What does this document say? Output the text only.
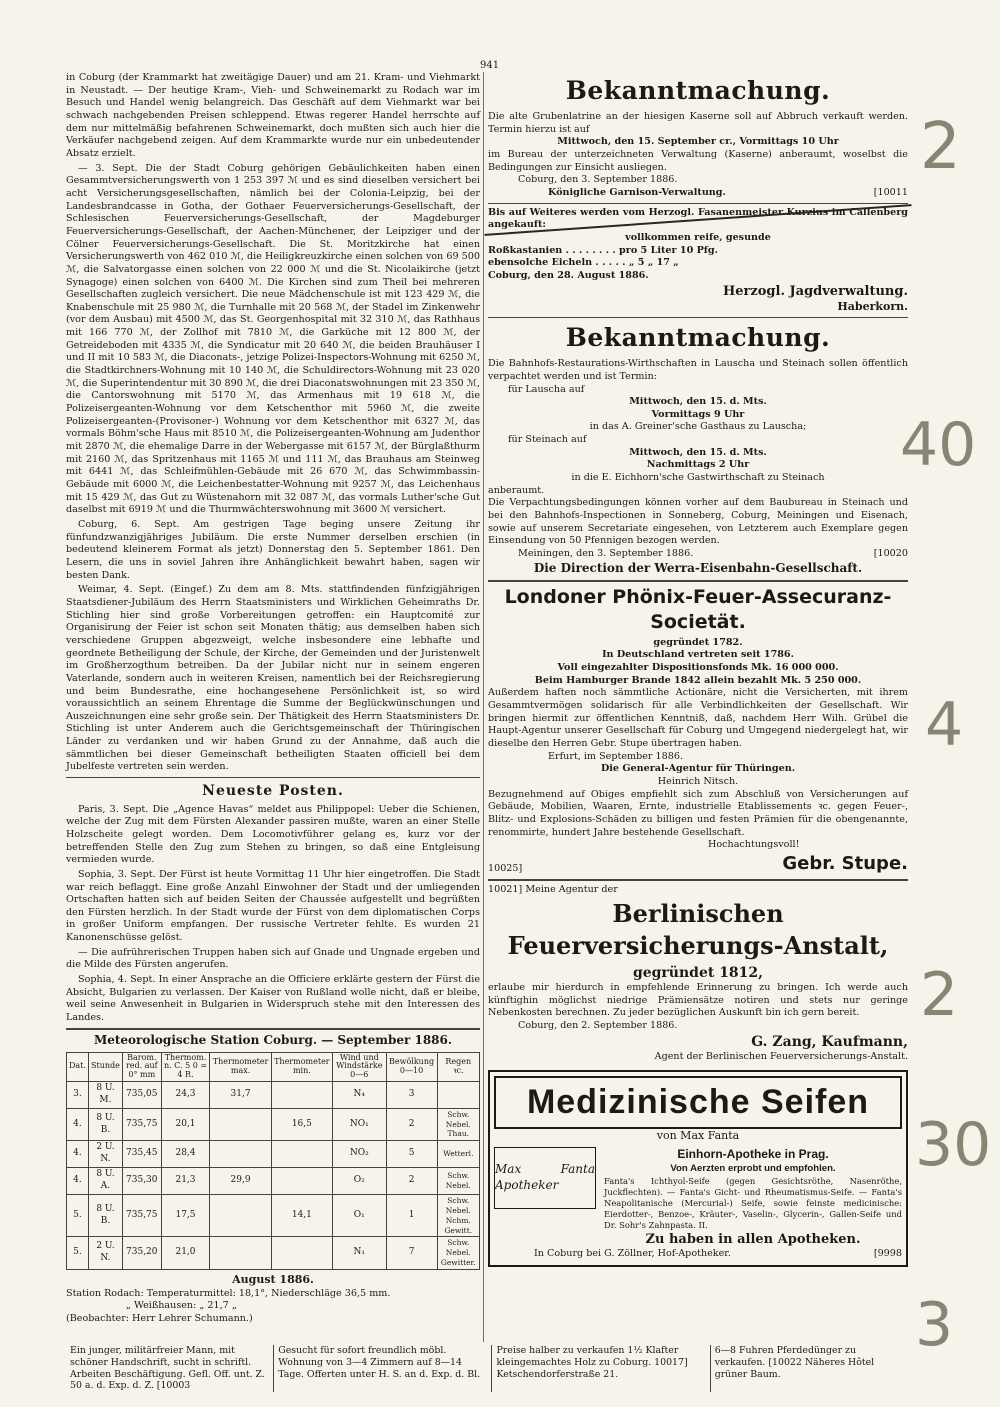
941

in Coburg (der Krammarkt hat zweitägige Dauer) und am 21. Kram- und Viehmarkt in Neustadt. — Der heutige Kram-, Vieh- und Schweinemarkt zu Rodach war im Besuch und Handel wenig belangreich. Das Geschäft auf dem Viehmarkt war bei schwach nachgebenden Preisen schleppend. Etwas regerer Handel herrschte auf dem nur mittelmäßig befahrenen Schweinemarkt, doch mußten sich auch hier die Verkäufer nachgebend zeigen. Auf dem Krammarkte wurde nur ein unbedeutender Absatz erzielt.

— 3. Sept. Die der Stadt Coburg gehörigen Gebäulichkeiten haben einen Gesammtversicherungswerth von 1 253 397 ℳ und es sind dieselben versichert bei acht Versicherungsgesellschaften, nämlich bei der Colonia-Leipzig, bei der Landesbrandcasse in Gotha, der Gothaer Feuerversicherungs-Gesellschaft, der Schlesischen Feuerversicherungs-Gesellschaft, der Magdeburger Feuerversicherungs-Gesellschaft, der Aachen-Münchener, der Leipziger und der Cölner Feuerversicherungs-Gesellschaft. Die St. Moritzkirche hat einen Versicherungswerth von 462 010 ℳ, die Heiligkreuzkirche einen solchen von 69 500 ℳ, die Salvatorgasse einen solchen von 22 000 ℳ und die St. Nicolaikirche (jetzt Synagoge) einen solchen von 6400 ℳ. Die Kirchen sind zum Theil bei mehreren Gesellschaften zugleich versichert. Die neue Mädchenschule ist mit 123 429 ℳ, die Knabenschule mit 25 980 ℳ, die Turnhalle mit 20 568 ℳ, der Stadel im Zinkenwehr (vor dem Ausbau) mit 4500 ℳ, das St. Georgenhospital mit 32 310 ℳ, das Rathhaus mit 166 770 ℳ, der Zollhof mit 7810 ℳ, die Garküche mit 12 800 ℳ, der Getreideboden mit 4335 ℳ, die Syndicatur mit 20 640 ℳ, die beiden Brauhäuser I und II mit 10 583 ℳ, die Diaconats-, jetzige Polizei-Inspectors-Wohnung mit 6250 ℳ, die Stadtkirchners-Wohnung mit 10 140 ℳ, die Schuldirectors-Wohnung mit 23 020 ℳ, die Superintendentur mit 30 890 ℳ, die drei Diaconatswohnungen mit 23 350 ℳ, die Cantorswohnung mit 5170 ℳ, das Armenhaus mit 19 618 ℳ, die Polizeisergeanten-Wohnung vor dem Ketschenthor mit 5960 ℳ, die zweite Polizeisergeanten-(Provisoner-) Wohnung vor dem Ketschenthor mit 6327 ℳ, das vormals Böhm'sche Haus mit 8510 ℳ, die Polizeisergeanten-Wohnung am Judenthor mit 2870 ℳ, die ehemalige Darre in der Webergasse mit 6157 ℳ, der Bürglaßthurm mit 2160 ℳ, das Spritzenhaus mit 1165 ℳ und 111 ℳ, das Brauhaus am Steinweg mit 6441 ℳ, das Schleifmühlen-Gebäude mit 26 670 ℳ, das Schwimmbassin-Gebäude mit 6000 ℳ, die Leichenbestatter-Wohnung mit 9257 ℳ, das Leichenhaus mit 15 429 ℳ, das Gut zu Wüstenahorn mit 32 087 ℳ, das vormals Luther'sche Gut daselbst mit 6919 ℳ und die Thurmwächterswohnung mit 3600 ℳ versichert.

Coburg, 6. Sept. Am gestrigen Tage beging unsere Zeitung ihr fünfundzwanzigjähriges Jubiläum. Die erste Nummer derselben erschien (in bedeutend kleinerem Format als jetzt) Donnerstag den 5. September 1861. Den Lesern, die uns in soviel Jahren ihre Anhänglichkeit bewahrt haben, sagen wir besten Dank.

Weimar, 4. Sept. (Eingef.) Zu dem am 8. Mts. stattfindenden fünfzigjährigen Staatsdiener-Jubiläum des Herrn Staatsministers und Wirklichen Geheimraths Dr. Stichling hier sind große Vorbereitungen getroffen: ein Hauptcomité zur Organisirung der Feier ist schon seit Monaten thätig; aus demselben haben sich verschiedene Gruppen abgezweigt, welche insbesondere eine lebhafte und geordnete Betheiligung der Schule, der Kirche, der Gemeinden und der Juristenwelt im Großherzogthum betreiben. Da der Jubilar nicht nur in seinem engeren Vaterlande, sondern auch in weiteren Kreisen, namentlich bei der Reichsregierung und beim Bundesrathe, eine hochangesehene Persönlichkeit ist, so wird voraussichtlich an seinem Ehrentage die Summe der Beglückwünschungen und Auszeichnungen eine sehr große sein. Der Thätigkeit des Herrn Staatsministers Dr. Stichling ist unter Anderem auch die Gerichtsgemeinschaft der Thüringischen Länder zu verdanken und wir haben Grund zu der Annahme, daß auch die sämmtlichen bei dieser Gemeinschaft betheiligten Staaten officiell bei dem Jubelfeste vertreten sein werden.

Neueste Posten.

Paris, 3. Sept. Die „Agence Havas“ meldet aus Philippopel: Ueber die Schienen, welche der Zug mit dem Fürsten Alexander passiren mußte, waren an einer Stelle Holzscheite gelegt worden. Dem Locomotivführer gelang es, kurz vor der betreffenden Stelle den Zug zum Stehen zu bringen, so daß eine Entgleisung vermieden wurde.

Sophia, 3. Sept. Der Fürst ist heute Vormittag 11 Uhr hier eingetroffen. Die Stadt war reich beflaggt. Eine große Anzahl Einwohner der Stadt und der umliegenden Ortschaften hatten sich auf beiden Seiten der Chaussée aufgestellt und begrüßten den Fürsten herzlich. In der Stadt wurde der Fürst von dem diplomatischen Corps in großer Uniform empfangen. Der russische Vertreter fehlte. Es wurden 21 Kanonenschüsse gelöst.

— Die aufrührerischen Truppen haben sich auf Gnade und Ungnade ergeben und die Milde des Fürsten angerufen.

Sophia, 4. Sept. In einer Ansprache an die Officiere erklärte gestern der Fürst die Absicht, Bulgarien zu verlassen. Der Kaiser von Rußland wolle nicht, daß er bleibe, weil seine Anwesenheit in Bulgarien in Widerspruch stehe mit den Interessen des Landes.

Meteorologische Station Coburg. — September 1886.
Dat.	Stunde	Barom. red. auf 0° mm	Thermom. n. C. 5 0 = 4 R.	Thermometer max.	Thermometer min.	Wind und Windstärke 0—6	Bewölkung 0—10	Regen ꝛc.
3.	8 U. M.	735,05	24,3	31,7		N₄	3	
4.	8 U. B.	735,75	20,1		16,5	NO₁	2	Schw. Nebel. Thau.
4.	2 U. N.	735,45	28,4			NO₂	5	Wetterl.
4.	8 U. A.	735,30	21,3	29,9		O₂	2	Schw. Nebel.
5.	8 U. B.	735,75	17,5		14,1	O₁	1	Schw. Nebel. Nchm. Gewitt.
5.	2 U. N.	735,20	21,0			N₁	7	Schw. Nebel. Gewitter.
August 1886.
Station Rodach: Temperaturmittel: 18,1°, Niederschläge 36,5 mm.
„ Weißhausen: „ 21,7 „
(Beobachter: Herr Lehrer Schumann.)
Bekanntmachung.
Die alte Grubenlatrine an der hiesigen Kaserne soll auf Abbruch verkauft werden. Termin hierzu ist auf
Mittwoch, den 15. September cr., Vormittags 10 Uhr
im Bureau der unterzeichneten Verwaltung (Kaserne) anberaumt, woselbst die Bedingungen zur Einsicht ausliegen.
Coburg, den 3. September 1886.
[10011
Königliche Garnison-Verwaltung.
Bis auf Weiteres werden vom Herzogl. Fasanenmeister Kurzius im Callenberg angekauft:
vollkommen reife, gesunde
Roßkastanien . . . . . . . . pro 5 Liter 10 Pfg.
ebensolche Eicheln . . . . . „ 5 „ 17 „
Coburg, den 28. August 1886.
Herzogl. Jagdverwaltung.
Haberkorn.
Bekanntmachung.
Die Bahnhofs-Restaurations-Wirthschaften in Lauscha und Steinach sollen öffentlich verpachtet werden und ist Termin:
für Lauscha auf
Mittwoch, den 15. d. Mts.
Vormittags 9 Uhr
in das A. Greiner'sche Gasthaus zu Lauscha;
für Steinach auf
Mittwoch, den 15. d. Mts.
Nachmittags 2 Uhr
in die E. Eichhorn'sche Gastwirthschaft zu Steinach
anberaumt.
Die Verpachtungsbedingungen können vorher auf dem Baubureau in Steinach und bei den Bahnhofs-Inspectionen in Sonneberg, Coburg, Meiningen und Eisenach, sowie auf unserem Secretariate eingesehen, von Letzterem auch Exemplare gegen Einsendung von 50 Pfennigen bezogen werden.
[10020
Meiningen, den 3. September 1886.
Die Direction der Werra-Eisenbahn-Gesellschaft.
Londoner Phönix-Feuer-Assecuranz-Societät.
gegründet 1782.
In Deutschland vertreten seit 1786.
Voll eingezahlter Dispositionsfonds Mk. 16 000 000.
Beim Hamburger Brande 1842 allein bezahlt Mk. 5 250 000.
Außerdem haften noch sämmtliche Actionäre, nicht die Versicherten, mit ihrem Gesammtvermögen solidarisch für alle Verbindlichkeiten der Gesellschaft. Wir bringen hiermit zur öffentlichen Kenntniß, daß, nachdem Herr Wilh. Grübel die Haupt-Agentur unserer Gesellschaft für Coburg und Umgegend niedergelegt hat, wir dieselbe den Herren Gebr. Stupe übertragen haben.
Erfurt, im September 1886.
Die General-Agentur für Thüringen.
Heinrich Nitsch.
Bezugnehmend auf Obiges empfiehlt sich zum Abschluß von Versicherungen auf Gebäude, Mobilien, Waaren, Ernte, industrielle Etablissements ꝛc. gegen Feuer-, Blitz- und Explosions-Schäden zu billigen und festen Prämien für die obengenannte, renommirte, hundert Jahre bestehende Gesellschaft.
Hochachtungsvoll!
10025]	Gebr. Stupe.
10021] Meine Agentur der
Berlinischen Feuerversicherungs-Anstalt,
gegründet 1812,
erlaube mir hierdurch in empfehlende Erinnerung zu bringen. Ich werde auch künftighin möglichst niedrige Prämiensätze notiren und stets nur geringe Nebenkosten berechnen. Zu jeder bezüglichen Auskunft bin ich gern bereit.
Coburg, den 2. September 1886.
G. Zang, Kaufmann,
Agent der Berlinischen Feuerversicherungs-Anstalt.
Medizinische Seifen
von Max Fanta
Max Fanta Apotheker
Einhorn-Apotheke in Prag.
Von Aerzten erprobt und empfohlen.
Fanta's Ichthyol-Seife (gegen Gesichtsröthe, Nasenröthe, Juckflechten). — Fanta's Gicht- und Rheumatismus-Seife. — Fanta's Neapolitanische (Mercurial-) Seife, sowie feinste medicinische: Eierdotter-, Benzoe-, Kräuter-, Vaselin-, Glycerin-, Gallen-Seife und Dr. Sohr's Zahnpasta. II.
Zu haben in allen Apotheken.
[9998
In Coburg bei G. Zöllner, Hof-Apotheker.
Ein junger, militärfreier Mann, mit schöner Handschrift, sucht in schriftl. Arbeiten Beschäftigung. Gefl. Off. unt. Z. 50 a. d. Exp. d. Z. [10003
Gesucht für sofort freundlich möbl. Wohnung von 3—4 Zimmern auf 8—14 Tage. Offerten unter H. S. an d. Exp. d. Bl.
Preise halber zu verkaufen 1½ Klafter kleingemachtes Holz zu Coburg. 10017] Ketschendorferstraße 21.
6—8 Fuhren Pferdedünger zu verkaufen. [10022 Näheres Hôtel grüner Baum.
2
40
4
2
30
3
